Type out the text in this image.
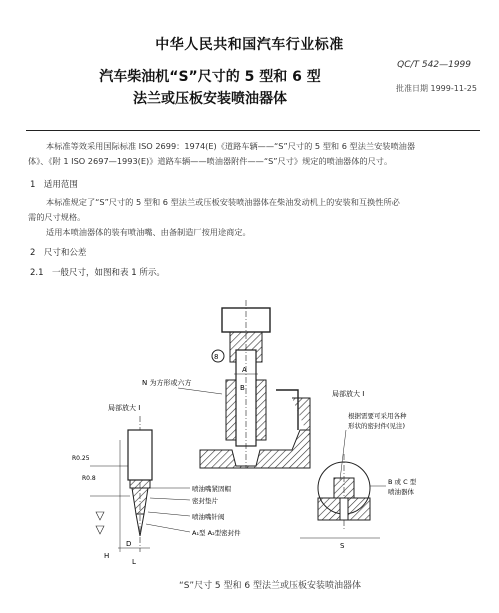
中华人民共和国汽车行业标准
QC/T 542—1999
批准日期 1999-11-25
汽车柴油机“S”尺寸的 5 型和 6 型
法兰或压板安装喷油器体
本标准等效采用国际标准 ISO 2699：1974(E)《道路车辆——“S”尺寸的 5 型和 6 型法兰安装喷油器
体》、《附 1 ISO 2697—1993(E)》道路车辆——喷油器附件——“S”尺寸》规定的喷油器体的尺寸。
1　适用范围
本标准规定了“S”尺寸的 5 型和 6 型法兰或压板安装喷油器体在柴油发动机上的安装和互换性所必
需的尺寸规格。
适用本喷油器体的装有喷油嘴、由备制造厂按用途商定。
2　尺寸和公差
2.1　一般尺寸，如图和表 1 所示。
8
B
A
N 为方形或六方
局部放大 I
R0.25
R0.8
D
H
L
喷油嘴紧固帽
密封垫片
喷油嘴针阀
A₁型 A₂型密封件
局部放大 I
根据需要可采用各种
形状的密封件(见注)
B 或 C 型
喷油器体
S
“S”尺寸 5 型和 6 型法兰或压板安装喷油器体
